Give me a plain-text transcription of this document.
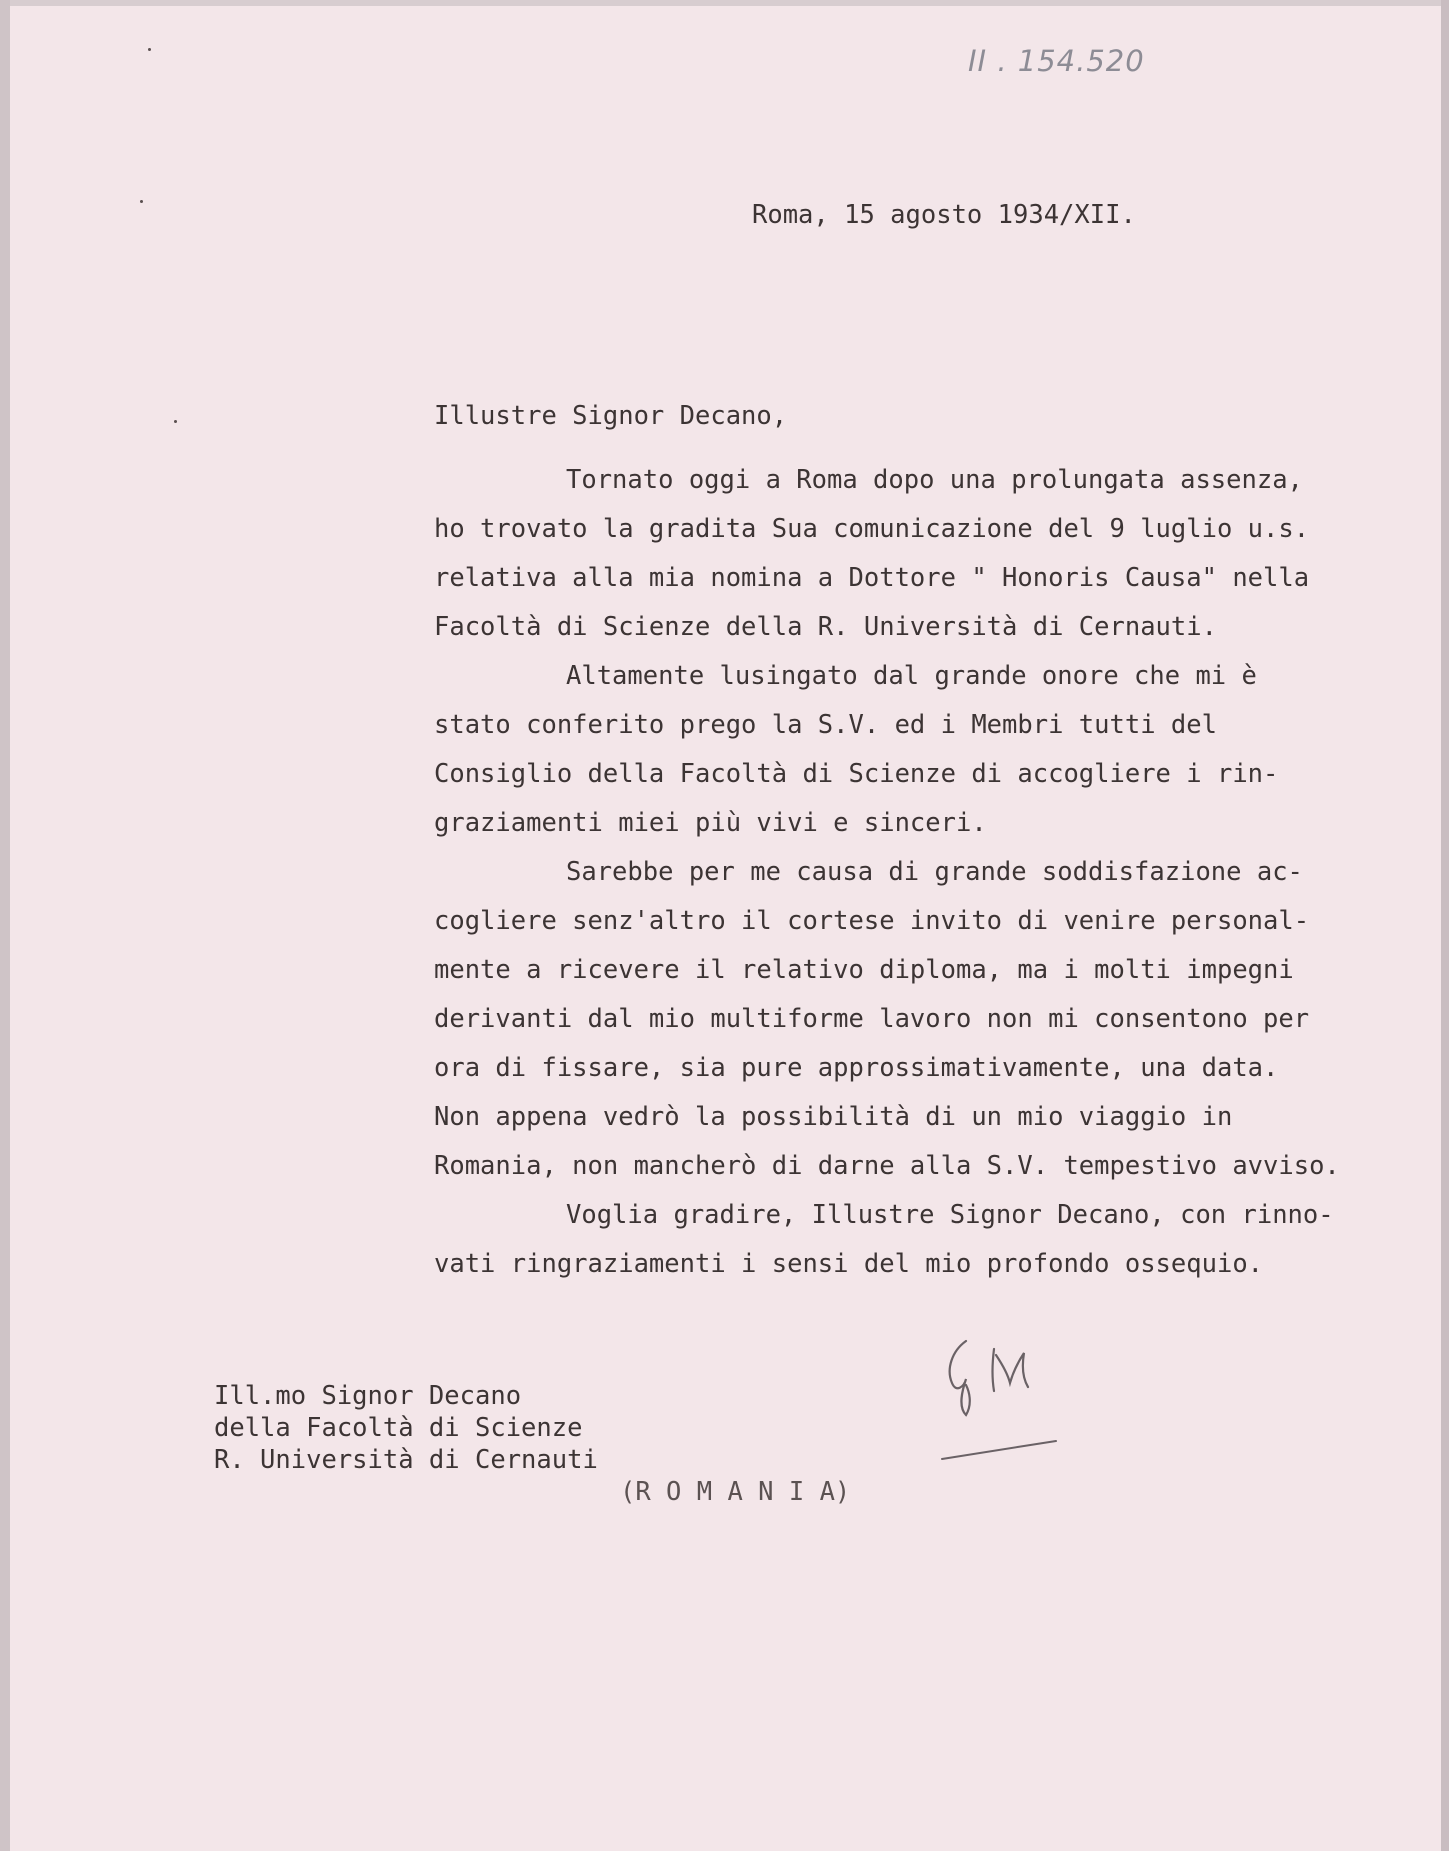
II . 154.520
Roma, 15 agosto 1934/XII.
Illustre Signor Decano,
Tornato oggi a Roma dopo una prolungata assenza,
ho trovato la gradita Sua comunicazione del 9 luglio u.s.
relativa alla mia nomina a Dottore " Honoris Causa" nella
Facoltà di Scienze della R. Università di Cernauti.
Altamente lusingato dal grande onore che mi è
stato conferito prego la S.V. ed i Membri tutti del
Consiglio della Facoltà di Scienze di accogliere i rin-
graziamenti miei più vivi e sinceri.
Sarebbe per me causa di grande soddisfazione ac-
cogliere senz'altro il cortese invito di venire personal-
mente a ricevere il relativo diploma, ma i molti impegni
derivanti dal mio multiforme lavoro non mi consentono per
ora di fissare, sia pure approssimativamente, una data.
Non appena vedrò la possibilità di un mio viaggio in
Romania, non mancherò di darne alla S.V. tempestivo avviso.
Voglia gradire, Illustre Signor Decano, con rinno-
vati ringraziamenti i sensi del mio profondo ossequio.
Ill.mo Signor Decano
della Facoltà di Scienze
R. Università di Cernauti
(R O M A N I A)
